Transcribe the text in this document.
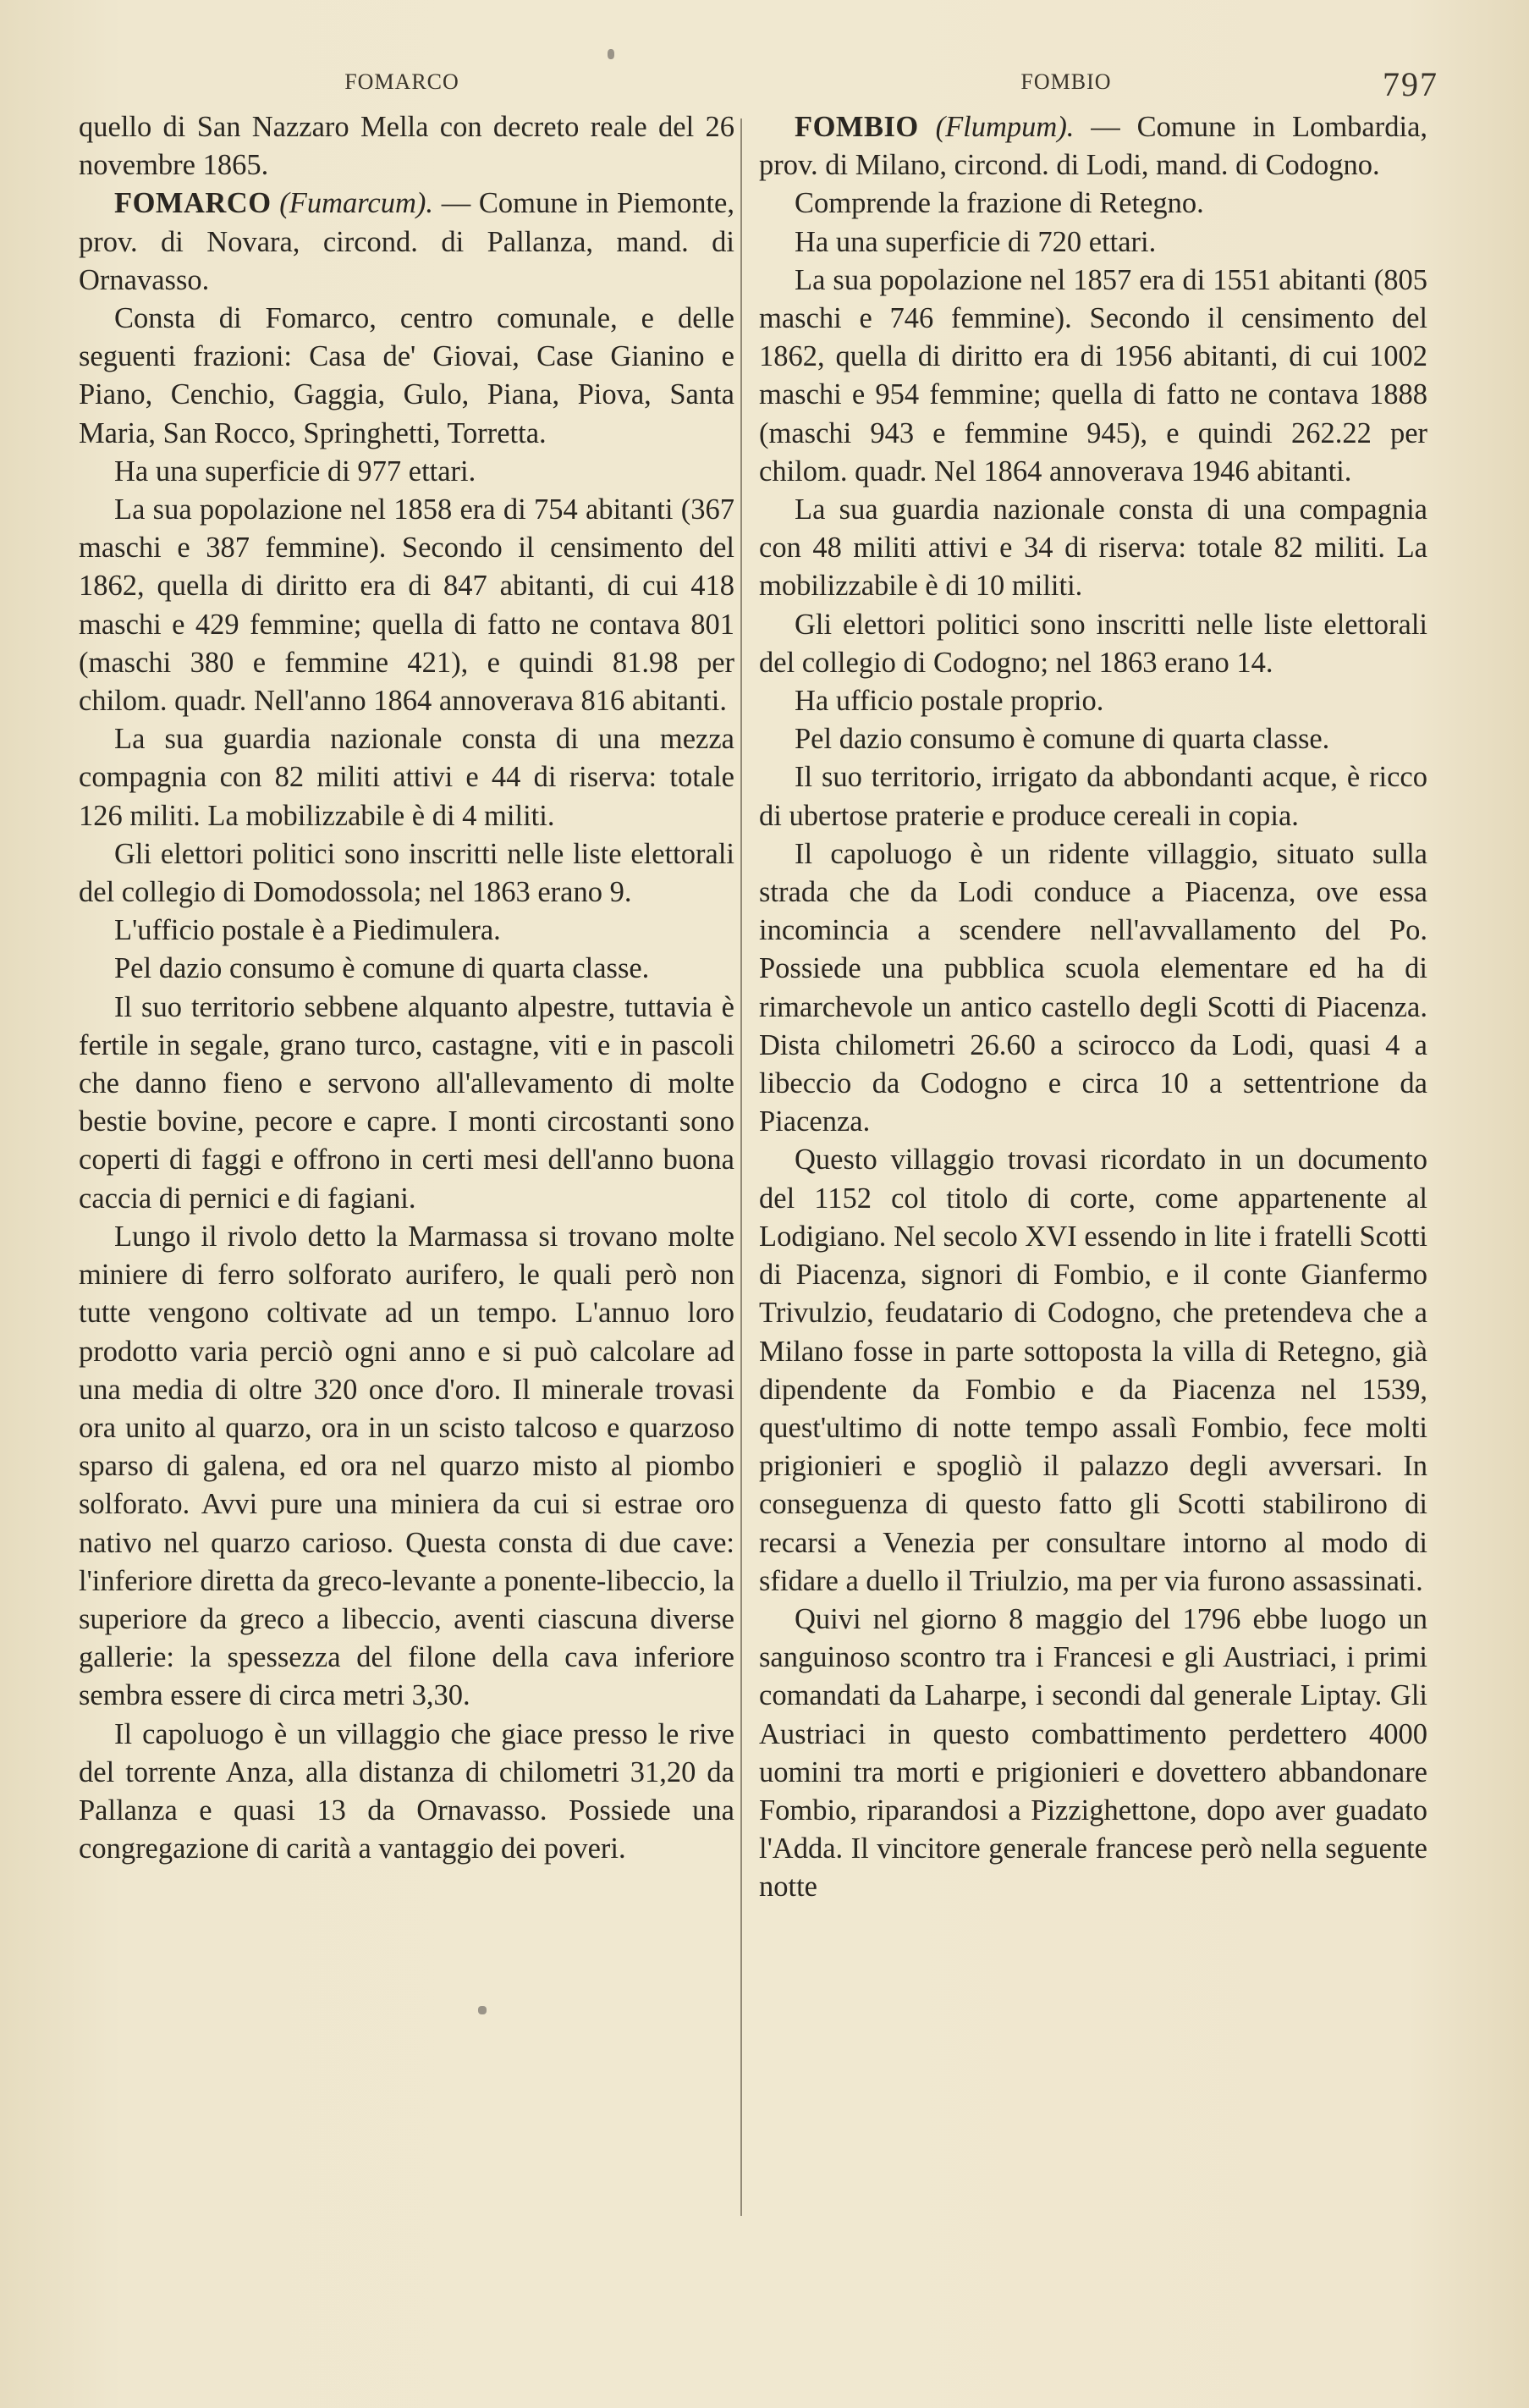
FOMARCO	FOMBIO	797

quello di San Nazzaro Mella con decreto reale del 26 novembre 1865.

FOMARCO (Fumarcum). — Comune in Piemonte, prov. di Novara, circond. di Pallanza, mand. di Ornavasso.

Consta di Fomarco, centro comunale, e delle seguenti frazioni: Casa de' Giovai, Case Gianino e Piano, Cenchio, Gaggia, Gulo, Piana, Piova, Santa Maria, San Rocco, Springhetti, Torretta.

Ha una superficie di 977 ettari.

La sua popolazione nel 1858 era di 754 abitanti (367 maschi e 387 femmine). Secondo il censimento del 1862, quella di diritto era di 847 abitanti, di cui 418 maschi e 429 femmine; quella di fatto ne contava 801 (maschi 380 e femmine 421), e quindi 81.98 per chilom. quadr. Nell'anno 1864 annoverava 816 abitanti.

La sua guardia nazionale consta di una mezza compagnia con 82 militi attivi e 44 di riserva: totale 126 militi. La mobilizzabile è di 4 militi.

Gli elettori politici sono inscritti nelle liste elettorali del collegio di Domodossola; nel 1863 erano 9.

L'ufficio postale è a Piedimulera.

Pel dazio consumo è comune di quarta classe.

Il suo territorio sebbene alquanto alpestre, tuttavia è fertile in segale, grano turco, castagne, viti e in pascoli che danno fieno e servono all'allevamento di molte bestie bovine, pecore e capre. I monti circostanti sono coperti di faggi e offrono in certi mesi dell'anno buona caccia di pernici e di fagiani.

Lungo il rivolo detto la Marmassa si trovano molte miniere di ferro solforato aurifero, le quali però non tutte vengono coltivate ad un tempo. L'annuo loro prodotto varia perciò ogni anno e si può calcolare ad una media di oltre 320 once d'oro. Il minerale trovasi ora unito al quarzo, ora in un scisto talcoso e quarzoso sparso di galena, ed ora nel quarzo misto al piombo solforato. Avvi pure una miniera da cui si estrae oro nativo nel quarzo carioso. Questa consta di due cave: l'inferiore diretta da greco-levante a ponente-libeccio, la superiore da greco a libeccio, aventi ciascuna diverse gallerie: la spessezza del filone della cava inferiore sembra essere di circa metri 3,30.

Il capoluogo è un villaggio che giace presso le rive del torrente Anza, alla distanza di chilometri 31,20 da Pallanza e quasi 13 da Ornavasso. Possiede una congregazione di carità a vantaggio dei poveri.

FOMBIO (Flumpum). — Comune in Lombardia, prov. di Milano, circond. di Lodi, mand. di Codogno.

Comprende la frazione di Retegno.

Ha una superficie di 720 ettari.

La sua popolazione nel 1857 era di 1551 abitanti (805 maschi e 746 femmine). Secondo il censimento del 1862, quella di diritto era di 1956 abitanti, di cui 1002 maschi e 954 femmine; quella di fatto ne contava 1888 (maschi 943 e femmine 945), e quindi 262.22 per chilom. quadr. Nel 1864 annoverava 1946 abitanti.

La sua guardia nazionale consta di una compagnia con 48 militi attivi e 34 di riserva: totale 82 militi. La mobilizzabile è di 10 militi.

Gli elettori politici sono inscritti nelle liste elettorali del collegio di Codogno; nel 1863 erano 14.

Ha ufficio postale proprio.

Pel dazio consumo è comune di quarta classe.

Il suo territorio, irrigato da abbondanti acque, è ricco di ubertose praterie e produce cereali in copia.

Il capoluogo è un ridente villaggio, situato sulla strada che da Lodi conduce a Piacenza, ove essa incomincia a scendere nell'avvallamento del Po. Possiede una pubblica scuola elementare ed ha di rimarchevole un antico castello degli Scotti di Piacenza. Dista chilometri 26.60 a scirocco da Lodi, quasi 4 a libeccio da Codogno e circa 10 a settentrione da Piacenza.

Questo villaggio trovasi ricordato in un documento del 1152 col titolo di corte, come appartenente al Lodigiano. Nel secolo XVI essendo in lite i fratelli Scotti di Piacenza, signori di Fombio, e il conte Gianfermo Trivulzio, feudatario di Codogno, che pretendeva che a Milano fosse in parte sottoposta la villa di Retegno, già dipendente da Fombio e da Piacenza nel 1539, quest'ultimo di notte tempo assalì Fombio, fece molti prigionieri e spogliò il palazzo degli avversari. In conseguenza di questo fatto gli Scotti stabilirono di recarsi a Venezia per consultare intorno al modo di sfidare a duello il Triulzio, ma per via furono assassinati.

Quivi nel giorno 8 maggio del 1796 ebbe luogo un sanguinoso scontro tra i Francesi e gli Austriaci, i primi comandati da Laharpe, i secondi dal generale Liptay. Gli Austriaci in questo combattimento perdettero 4000 uomini tra morti e prigionieri e dovettero abbandonare Fombio, riparandosi a Pizzighettone, dopo aver guadato l'Adda. Il vincitore generale francese però nella seguente notte
